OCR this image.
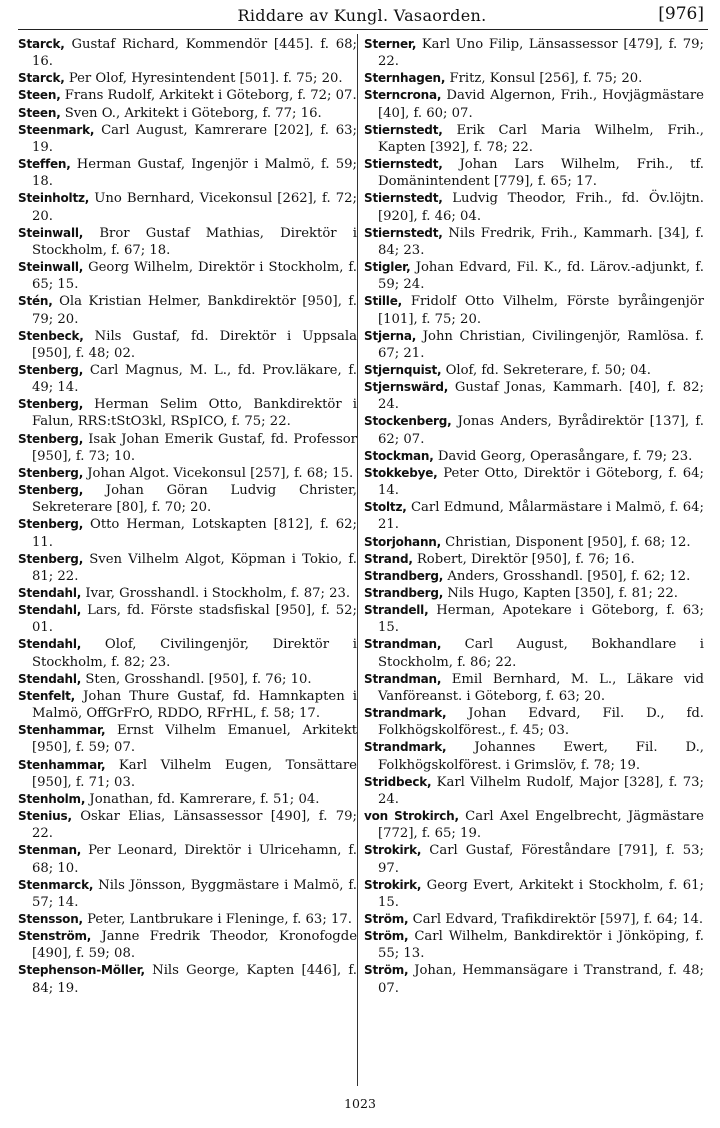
Riddare av Kungl. Vasaorden.	[976]
Starck, Gustaf Richard, Kommendör [445]. f. 68; 16.
Starck, Per Olof, Hyresintendent [501]. f. 75; 20.
Steen, Frans Rudolf, Arkitekt i Göteborg, f. 72; 07.
Steen, Sven O., Arkitekt i Göteborg, f. 77; 16.
Steenmark, Carl August, Kamrerare [202], f. 63; 19.
Steffen, Herman Gustaf, Ingenjör i Malmö, f. 59; 18.
Steinholtz, Uno Bernhard, Vicekonsul [262], f. 72; 20.
Steinwall, Bror Gustaf Mathias, Direktör i Stockholm, f. 67; 18.
Steinwall, Georg Wilhelm, Direktör i Stockholm, f. 65; 15.
Stén, Ola Kristian Helmer, Bankdirektör [950], f. 79; 20.
Stenbeck, Nils Gustaf, fd. Direktör i Uppsala [950], f. 48; 02.
Stenberg, Carl Magnus, M. L., fd. Prov.läkare, f. 49; 14.
Stenberg, Herman Selim Otto, Bankdirektör i Falun, RRS:tStO3kl, RSpICO, f. 75; 22.
Stenberg, Isak Johan Emerik Gustaf, fd. Professor [950], f. 73; 10.
Stenberg, Johan Algot. Vicekonsul [257], f. 68; 15.
Stenberg, Johan Göran Ludvig Christer, Sekreterare [80], f. 70; 20.
Stenberg, Otto Herman, Lotskapten [812], f. 62; 11.
Stenberg, Sven Vilhelm Algot, Köpman i Tokio, f. 81; 22.
Stendahl, Ivar, Grosshandl. i Stockholm, f. 87; 23.
Stendahl, Lars, fd. Förste stadsfiskal [950], f. 52; 01.
Stendahl, Olof, Civilingenjör, Direktör i Stockholm, f. 82; 23.
Stendahl, Sten, Grosshandl. [950], f. 76; 10.
Stenfelt, Johan Thure Gustaf, fd. Hamnkapten i Malmö, OffGrFrO, RDDO, RFrHL, f. 58; 17.
Stenhammar, Ernst Vilhelm Emanuel, Arkitekt [950], f. 59; 07.
Stenhammar, Karl Vilhelm Eugen, Tonsättare [950], f. 71; 03.
Stenholm, Jonathan, fd. Kamrerare, f. 51; 04.
Stenius, Oskar Elias, Länsassessor [490], f. 79; 22.
Stenman, Per Leonard, Direktör i Ulricehamn, f. 68; 10.
Stenmarck, Nils Jönsson, Byggmästare i Malmö, f. 57; 14.
Stensson, Peter, Lantbrukare i Fleninge, f. 63; 17.
Stenström, Janne Fredrik Theodor, Kronofogde [490], f. 59; 08.
Stephenson-Möller, Nils George, Kapten [446], f. 84; 19.
Sterner, Karl Uno Filip, Länsassessor [479], f. 79; 22.
Sternhagen, Fritz, Konsul [256], f. 75; 20.
Sterncrona, David Algernon, Frih., Hovjägmästare [40], f. 60; 07.
Stiernstedt, Erik Carl Maria Wilhelm, Frih., Kapten [392], f. 78; 22.
Stiernstedt, Johan Lars Wilhelm, Frih., tf. Domänintendent [779], f. 65; 17.
Stiernstedt, Ludvig Theodor, Frih., fd. Öv.löjtn. [920], f. 46; 04.
Stiernstedt, Nils Fredrik, Frih., Kammarh. [34], f. 84; 23.
Stigler, Johan Edvard, Fil. K., fd. Lärov.-adjunkt, f. 59; 24.
Stille, Fridolf Otto Vilhelm, Förste byråingenjör [101], f. 75; 20.
Stjerna, John Christian, Civilingenjör, Ramlösa. f. 67; 21.
Stjernquist, Olof, fd. Sekreterare, f. 50; 04.
Stjernswärd, Gustaf Jonas, Kammarh. [40], f. 82; 24.
Stockenberg, Jonas Anders, Byrådirektör [137], f. 62; 07.
Stockman, David Georg, Operasångare, f. 79; 23.
Stokkebye, Peter Otto, Direktör i Göteborg, f. 64; 14.
Stoltz, Carl Edmund, Målarmästare i Malmö, f. 64; 21.
Storjohann, Christian, Disponent [950], f. 68; 12.
Strand, Robert, Direktör [950], f. 76; 16.
Strandberg, Anders, Grosshandl. [950], f. 62; 12.
Strandberg, Nils Hugo, Kapten [350], f. 81; 22.
Strandell, Herman, Apotekare i Göteborg, f. 63; 15.
Strandman, Carl August, Bokhandlare i Stockholm, f. 86; 22.
Strandman, Emil Bernhard, M. L., Läkare vid Vanföreanst. i Göteborg, f. 63; 20.
Strandmark, Johan Edvard, Fil. D., fd. Folkhögskolförest., f. 45; 03.
Strandmark, Johannes Ewert, Fil. D., Folkhögskolförest. i Grimslöv, f. 78; 19.
Stridbeck, Karl Vilhelm Rudolf, Major [328], f. 73; 24.
von Strokirch, Carl Axel Engelbrecht, Jägmästare [772], f. 65; 19.
Strokirk, Carl Gustaf, Föreståndare [791], f. 53; 97.
Strokirk, Georg Evert, Arkitekt i Stockholm, f. 61; 15.
Ström, Carl Edvard, Trafikdirektör [597], f. 64; 14.
Ström, Carl Wilhelm, Bankdirektör i Jönköping, f. 55; 13.
Ström, Johan, Hemmansägare i Transtrand, f. 48; 07.
1023
